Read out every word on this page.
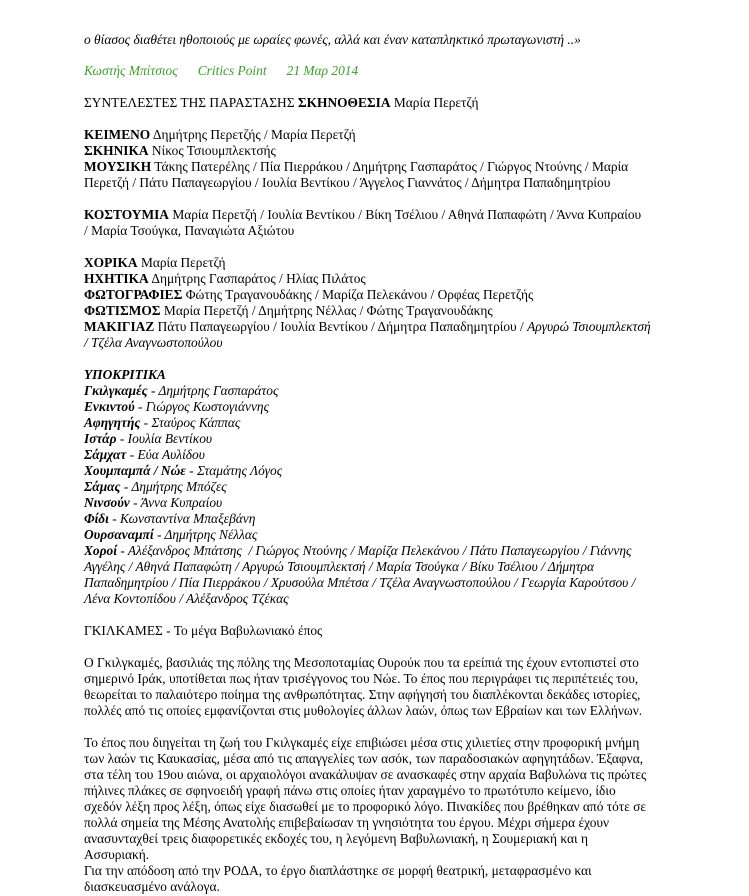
ο θίασος διαθέτει ηθοποιούς με ωραίες φωνές, αλλά και έναν καταπληκτικό πρωταγωνιστή ..»
Κωστής Μπίτσιος Critics Point 21 Μαρ 2014
ΣΥΝΤΕΛΕΣΤΕΣ ΤΗΣ ΠΑΡΑΣΤΑΣΗΣ ΣΚΗΝΟΘΕΣΙΑ Μαρία Περετζή
ΚΕΙΜΕΝΟ Δημήτρης Περετζής / Μαρία Περετζή
ΣΚΗΝΙΚΑ Νίκος Τσιουμπλεκτσής
ΜΟΥΣΙΚΗ Τάκης Πατερέλης / Πία Πιερράκου / Δημήτρης Γασπαράτος / Γιώργος Ντούνης / Μαρία
Περετζή / Πάτυ Παπαγεωργίου / Ιουλία Βεντίκου / Άγγελος Γιαννάτος / Δήμητρα Παπαδημητρίου
ΚΟΣΤΟΥΜΙΑ Μαρία Περετζή / Ιουλία Βεντίκου / Βίκη Τσέλιου / Αθηνά Παπαφώτη / Άννα Κυπραίου
/ Μαρία Τσούγκα, Παναγιώτα Αξιώτου
ΧΟΡΙΚΑ Μαρία Περετζή
ΗΧΗΤΙΚΑ Δημήτρης Γασπαράτος / Ηλίας Πιλάτος
ΦΩΤΟΓΡΑΦΙΕΣ Φώτης Τραγανουδάκης / Μαρίζα Πελεκάνου / Ορφέας Περετζής
ΦΩΤΙΣΜΟΣ Μαρία Περετζή / Δημήτρης Νέλλας / Φώτης Τραγανουδάκης
ΜΑΚΙΓΙΑΖ Πάτυ Παπαγεωργίου / Ιουλία Βεντίκου / Δήμητρα Παπαδημητρίου / Αργυρώ Τσιουμπλεκτσή
/ Τζέλα Αναγνωστοπούλου
ΥΠΟΚΡΙΤΙΚΑ
Γκιλγκαμές - Δημήτρης Γασπαράτος
Ενκιντού - Γιώργος Κωστογιάννης
Αφηγητής - Σταύρος Κάππας
Ιστάρ - Ιουλία Βεντίκου
Σάμχατ - Εύα Αυλίδου
Χουμπαμπά / Νώε - Σταμάτης Λόγος
Σάμας - Δημήτρης Μπόζες
Νινσούν - Άννα Κυπραίου
Φίδι - Κωνσταντίνα Μπαξεβάνη
Ουρσαναμπί - Δημήτρης Νέλλας
Χοροί - Αλέξανδρος Μπάτσης  / Γιώργος Ντούνης / Μαρίζα Πελεκάνου / Πάτυ Παπαγεωργίου / Γιάννης
Αγγέλης / Αθηνά Παπαφώτη / Αργυρώ Τσιουμπλεκτσή / Μαρία Τσούγκα / Βίκυ Τσέλιου / Δήμητρα
Παπαδημητρίου / Πία Πιερράκου / Χρυσούλα Μπέτσα / Τζέλα Αναγνωστοπούλου / Γεωργία Καρούτσου /
Λένα Κοντοπίδου / Αλέξανδρος Τζέκας
ΓΚΙΛΚΑΜΕΣ - Το μέγα Βαβυλωνιακό έπος
Ο Γκιλγκαμές, βασιλιάς της πόλης της Μεσοποταμίας Ουρούκ που τα ερείπιά της έχουν εντοπιστεί στο
σημερινό Ιράκ, υποτίθεται πως ήταν τρισέγγονος του Νώε. Το έπος που περιγράφει τις περιπέτειές του,
θεωρείται το παλαιότερο ποίημα της ανθρωπότητας. Στην αφήγησή του διαπλέκονται δεκάδες ιστορίες,
πολλές από τις οποίες εμφανίζονται στις μυθολογίες άλλων λαών, όπως των Εβραίων και των Ελλήνων.
Το έπος που διηγείται τη ζωή του Γκιλγκαμές είχε επιβιώσει μέσα στις χιλιετίες στην προφορική μνήμη
των λαών τις Καυκασίας, μέσα από τις απαγγελίες των ασόκ, των παραδοσιακών αφηγητάδων. Έξαφνα,
στα τέλη του 19ου αιώνα, οι αρχαιολόγοι ανακάλυψαν σε ανασκαφές στην αρχαία Βαβυλώνα τις πρώτες
πήλινες πλάκες σε σφηνοειδή γραφή πάνω στις οποίες ήταν χαραγμένο το πρωτότυπο κείμενο, ίδιο
σχεδόν λέξη προς λέξη, όπως είχε διασωθεί με το προφορικό λόγο. Πινακίδες που βρέθηκαν από τότε σε
πολλά σημεία της Μέσης Ανατολής επιβεβαίωσαν τη γνησιότητα του έργου. Μέχρι σήμερα έχουν
ανασυνταχθεί τρεις διαφορετικές εκδοχές του, η λεγόμενη Βαβυλωνιακή, η Σουμεριακή και η
Ασσυριακή.
Για την απόδοση από την ΡΟΔΑ, το έργο διαπλάστηκε σε μορφή θεατρική, μεταφρασμένο και
διασκευασμένο ανάλογα.
